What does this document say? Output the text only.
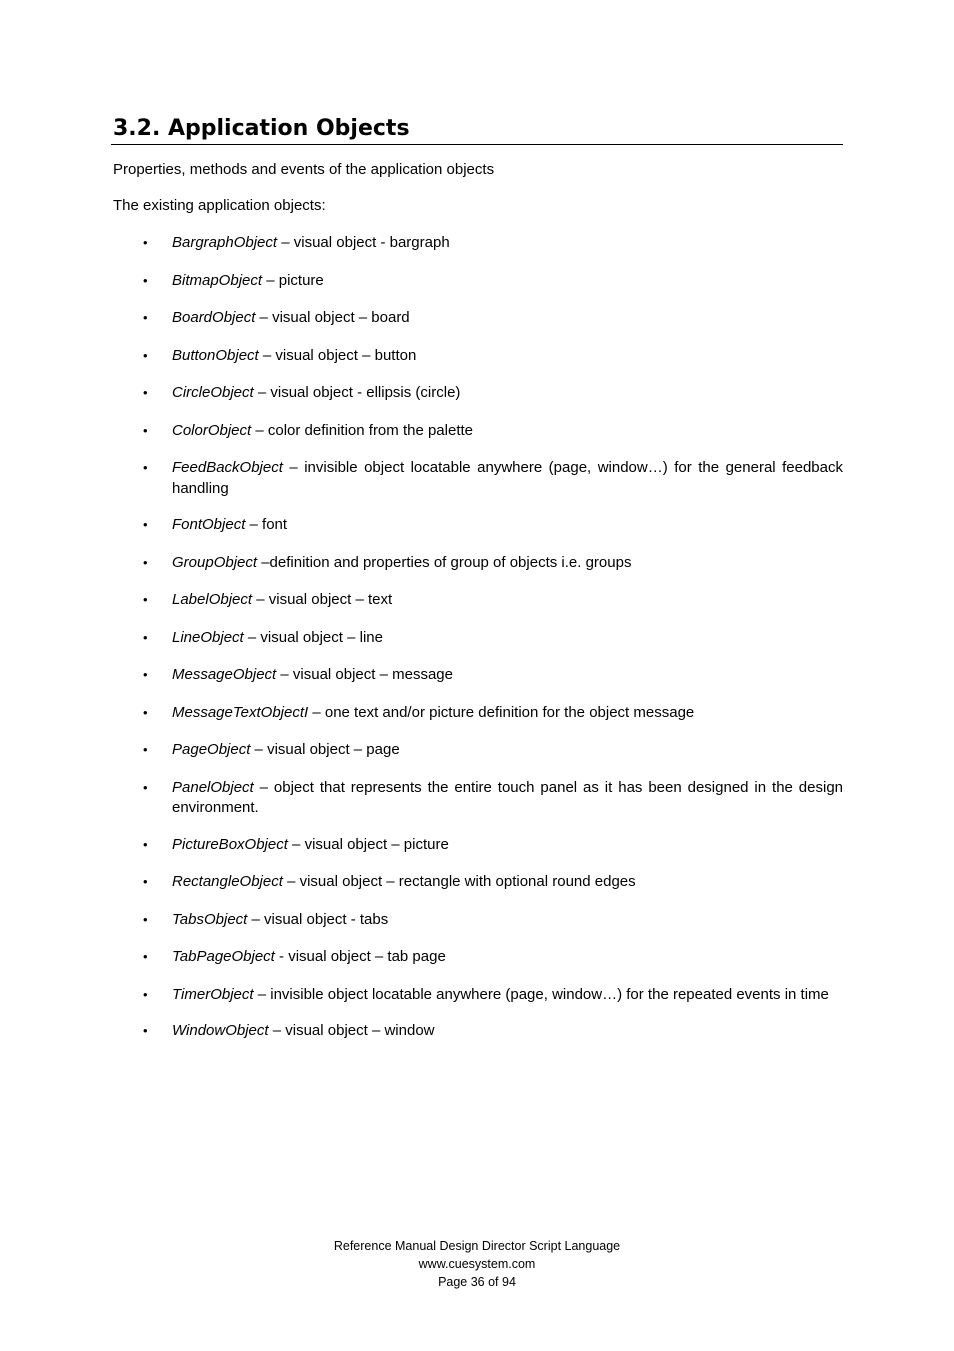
3.2. Application Objects

Properties, methods and events of the application objects

The existing application objects:

• BargraphObject – visual object - bargraph
• BitmapObject – picture
• BoardObject – visual object – board
• ButtonObject – visual object – button
• CircleObject – visual object - ellipsis (circle)
• ColorObject – color definition from the palette
• FeedBackObject – invisible object locatable anywhere (page, window…) for the general feedback handling
• FontObject – font
• GroupObject –definition and properties of group of objects i.e. groups
• LabelObject – visual object – text
• LineObject – visual object – line
• MessageObject – visual object – message
• MessageTextObjectI – one text and/or picture definition for the object message
• PageObject – visual object – page
• PanelObject – object that represents the entire touch panel as it has been designed in the design environment.
• PictureBoxObject – visual object – picture
• RectangleObject – visual object – rectangle with optional round edges
• TabsObject – visual object - tabs
• TabPageObject - visual object – tab page
• TimerObject – invisible object locatable anywhere (page, window…) for the repeated events in time
• WindowObject – visual object – window

Reference Manual Design Director Script Language

www.cuesystem.com

Page 36 of 94
